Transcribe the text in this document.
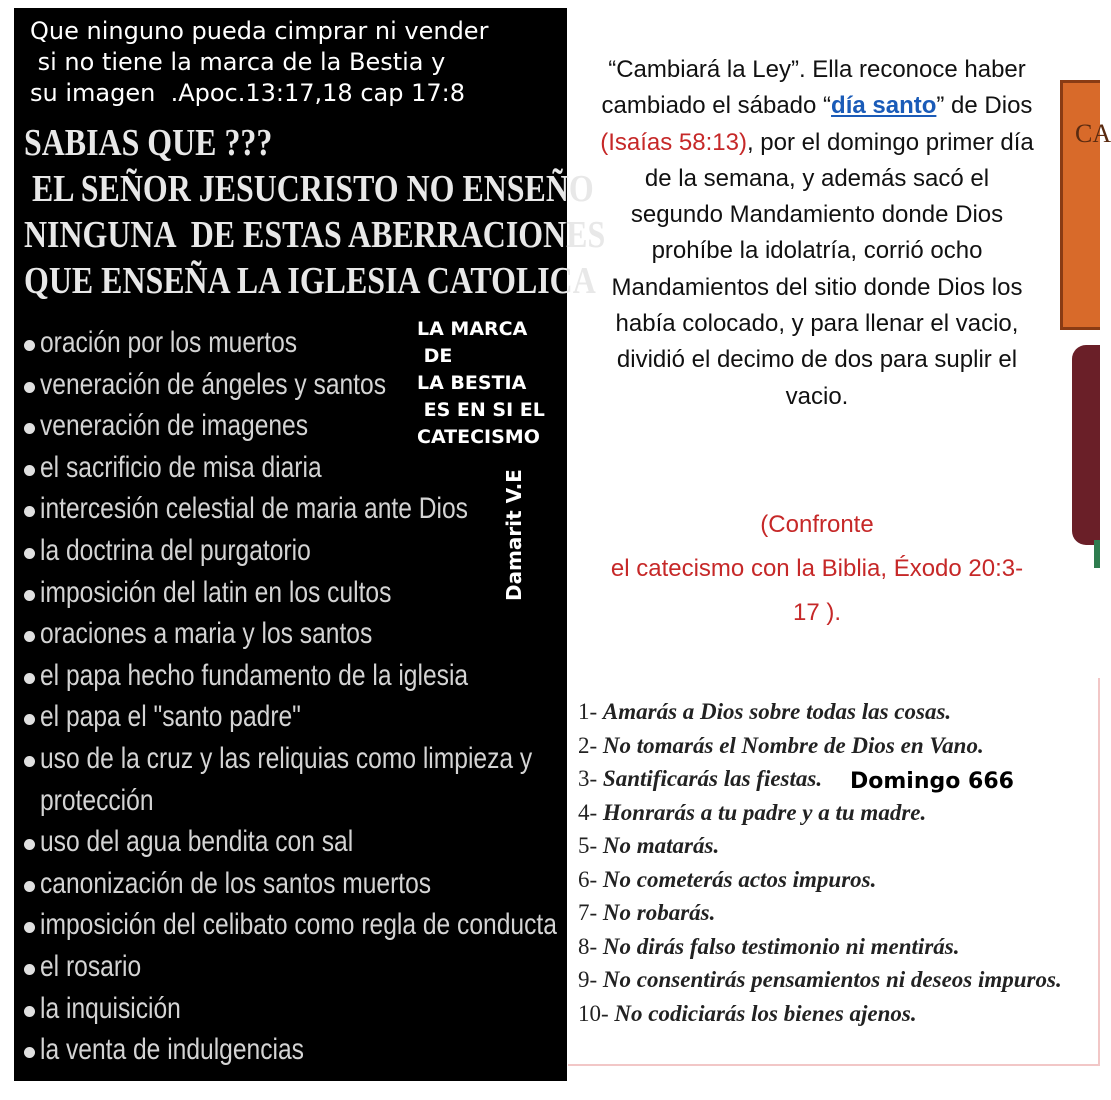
Que ninguno pueda cimprar ni vender
si no tiene la marca de la Bestia y
su imagen  .Apoc.13:17,18 cap 17:8

SABIAS QUE ???
EL SEÑOR JESUCRISTO NO ENSEÑO
NINGUNA  DE ESTAS ABERRACIONES
QUE ENSEÑA LA IGLESIA CATOLICA

LA MARCA
DE
LA BESTIA
ES EN SI EL
CATECISMO

Damarit V.E
oración por los muertos
veneración de ángeles y santos
veneración de imagenes
el sacrificio de misa diaria
intercesión celestial de maria ante Dios
la doctrina del purgatorio
imposición del latin en los cultos
oraciones a maria y los santos
el papa hecho fundamento de la iglesia
el papa el "santo padre"
uso de la cruz y las reliquias como limpieza y
protección
uso del agua bendita con sal
canonización de los santos muertos
imposición del celibato como regla de conducta
el rosario
la inquisición
la venta de indulgencias

“Cambiará la Ley”. Ella reconoce haber cambiado el sábado “día santo” de Dios (Isaías 58:13), por el domingo primer día de la semana, y además sacó el segundo Mandamiento donde Dios prohíbe la idolatría, corrió ocho Mandamientos del sitio donde Dios los había colocado, y para llenar el vacio, dividió el decimo de dos para suplir el vacio.

(Confronte
el catecismo con la Biblia, Éxodo 20:3-17 ).

CA
1- Amarás a Dios sobre todas las cosas.
2- No tomarás el Nombre de Dios en Vano.
3- Santificarás las fiestas.
4- Honrarás a tu padre y a tu madre.
5- No matarás.
6- No cometerás actos impuros.
7- No robarás.
8- No dirás falso testimonio ni mentirás.
9- No consentirás pensamientos ni deseos impuros.
10- No codiciarás los bienes ajenos.
Domingo 666
